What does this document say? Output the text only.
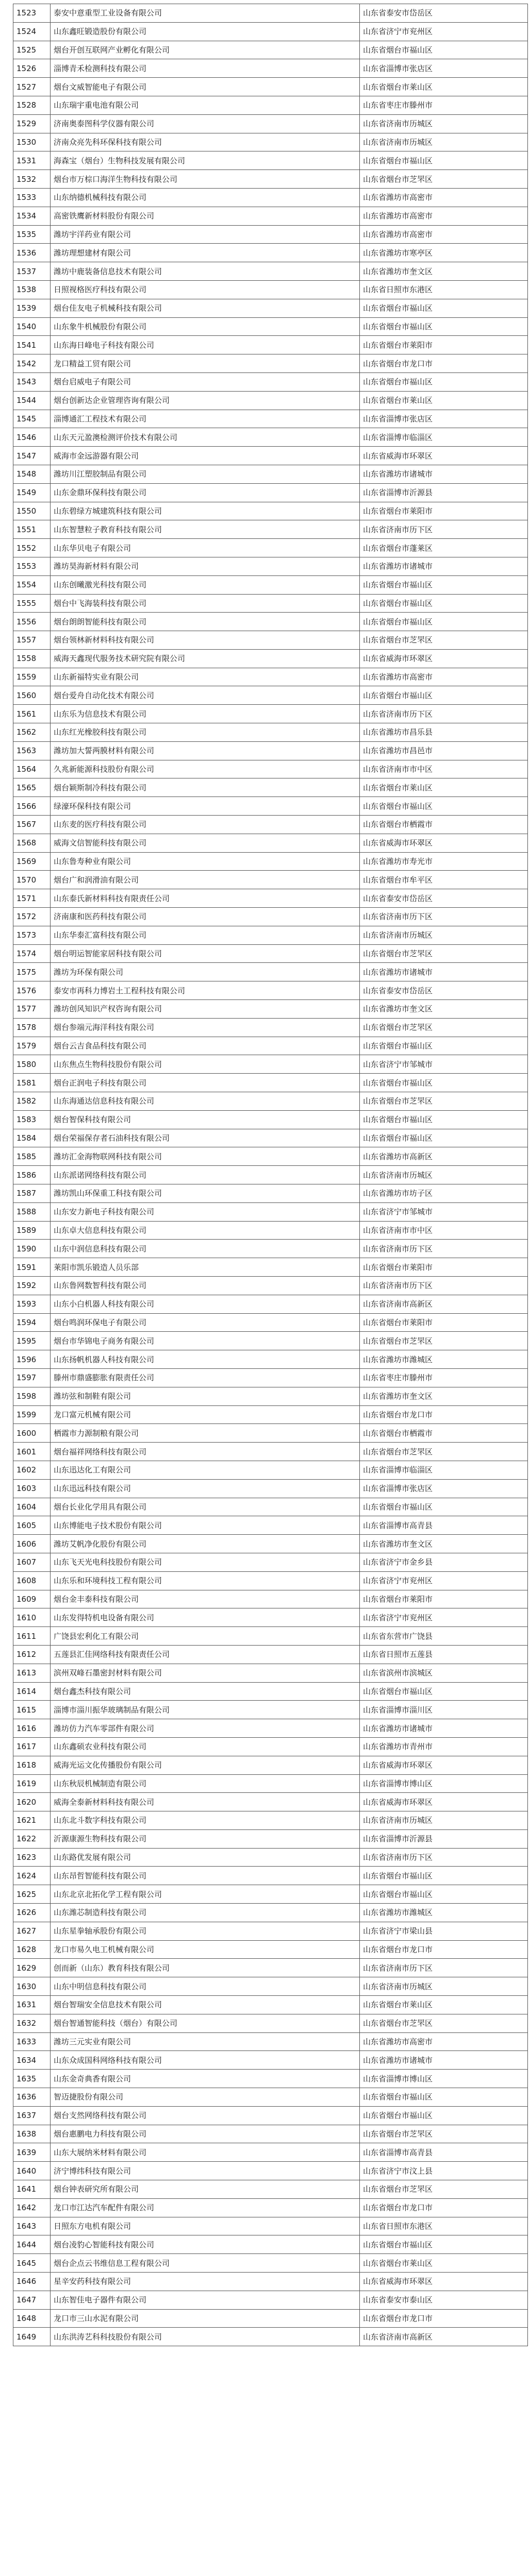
1523	泰安中意重型工业设备有限公司	山东省泰安市岱岳区
1524	山东鑫旺锻造股份有限公司	山东省济宁市兖州区
1525	烟台开创互联网产业孵化有限公司	山东省烟台市福山区
1526	淄博青禾检测科技有限公司	山东省淄博市张店区
1527	烟台文威智能电子有限公司	山东省烟台市莱山区
1528	山东瑞宇重电池有限公司	山东省枣庄市滕州市
1529	济南奥泰图科学仪器有限公司	山东省济南市历城区
1530	济南众亮先科环保科技有限公司	山东省济南市历城区
1531	海森宝（烟台）生物科技发展有限公司	山东省烟台市福山区
1532	烟台市万棕口海洋生物科技有限公司	山东省烟台市芝罘区
1533	山东纳德机械科技有限公司	山东省潍坊市高密市
1534	高密铁鹰新材料股份有限公司	山东省潍坊市高密市
1535	潍坊宇洋药业有限公司	山东省潍坊市高密市
1536	潍坊理想建材有限公司	山东省潍坊市寒亭区
1537	潍坊中鹿装备信息技术有限公司	山东省潍坊市奎文区
1538	日照视格医疗科技有限公司	山东省日照市东港区
1539	烟台佳友电子机械科技有限公司	山东省烟台市福山区
1540	山东象牛机械股份有限公司	山东省烟台市福山区
1541	山东海日峰电子科技有限公司	山东省烟台市莱阳市
1542	龙口精益工贸有限公司	山东省烟台市龙口市
1543	烟台启威电子有限公司	山东省烟台市福山区
1544	烟台创新达企业管理咨询有限公司	山东省烟台市莱山区
1545	淄博通汇工程技术有限公司	山东省淄博市张店区
1546	山东天元盈澳检测评价技术有限公司	山东省淄博市临淄区
1547	威海市金远游器有限公司	山东省威海市环翠区
1548	潍坊川江塑胶制品有限公司	山东省潍坊市诸城市
1549	山东金鼎环保科技有限公司	山东省淄博市沂源县
1550	山东碧绿方城建筑科技有限公司	山东省烟台市莱阳市
1551	山东智慧粒子教育科技有限公司	山东省济南市历下区
1552	山东华贝电子有限公司	山东省烟台市蓬莱区
1553	潍坊昊海新材料有限公司	山东省潍坊市诸城市
1554	山东创曦激光科技有限公司	山东省烟台市福山区
1555	烟台中飞海装科技有限公司	山东省烟台市福山区
1556	烟台朗朗智能科技有限公司	山东省烟台市福山区
1557	烟台领林新材料科技有限公司	山东省烟台市芝罘区
1558	威海天鑫现代服务技术研究院有限公司	山东省威海市环翠区
1559	山东新福特实业有限公司	山东省潍坊市高密市
1560	烟台爱舟自动化技术有限公司	山东省烟台市福山区
1561	山东乐为信息技术有限公司	山东省济南市历下区
1562	山东红光橡胶科技有限公司	山东省潍坊市昌乐县
1563	潍坊加大誓两膜材料有限公司	山东省潍坊市昌邑市
1564	久兆新能源科技股份有限公司	山东省济南市市中区
1565	烟台颖斯制冷科技有限公司	山东省烟台市莱山区
1566	绿濠环保科技有限公司	山东省烟台市福山区
1567	山东麦的医疗科技有限公司	山东省烟台市栖霞市
1568	威海文信智能科技有限公司	山东省威海市环翠区
1569	山东鲁寿种业有限公司	山东省潍坊市寿光市
1570	烟台广和润滑油有限公司	山东省烟台市牟平区
1571	山东泰氏新材料科技有限责任公司	山东省泰安市岱岳区
1572	济南康和医药科技有限公司	山东省济南市历下区
1573	山东华泰汇富科技有限公司	山东省济南市历城区
1574	烟台明运智能家居科技有限公司	山东省烟台市芝罘区
1575	潍坊为环保有限公司	山东省潍坊市诸城市
1576	泰安市再科力博岩土工程科技有限公司	山东省泰安市岱岳区
1577	潍坊创风知识产权咨询有限公司	山东省潍坊市奎文区
1578	烟台参端元海洋科技有限公司	山东省烟台市芝罘区
1579	烟台云吉食品科技有限公司	山东省烟台市福山区
1580	山东焦点生物科技股份有限公司	山东省济宁市邹城市
1581	烟台正润电子科技有限公司	山东省烟台市福山区
1582	山东海通达信息科技有限公司	山东省烟台市芝罘区
1583	烟台智保科技有限公司	山东省烟台市福山区
1584	烟台荣福保存者石油科技有限公司	山东省烟台市福山区
1585	潍坊汇金海物联网科技有限公司	山东省潍坊市高新区
1586	山东派诺网络科技有限公司	山东省济南市历城区
1587	潍坊凯山环保重工科技有限公司	山东省潍坊市坊子区
1588	山东安力新电子科技有限公司	山东省济宁市邹城市
1589	山东卓大信息科技有限公司	山东省济南市市中区
1590	山东中润信息科技有限公司	山东省济南市历下区
1591	莱阳市凯乐锻造人员乐部	山东省烟台市莱阳市
1592	山东鲁网数智科技有限公司	山东省济南市历下区
1593	山东小白机器人科技有限公司	山东省济南市高新区
1594	烟台鸣润环保电子有限公司	山东省烟台市莱阳市
1595	烟台市华锦电子商务有限公司	山东省烟台市芝罘区
1596	山东扬帆机器人科技有限公司	山东省潍坊市潍城区
1597	滕州市鼎盛膨胀有限责任公司	山东省枣庄市滕州市
1598	潍坊弦和制鞋有限公司	山东省潍坊市奎文区
1599	龙口富元机械有限公司	山东省烟台市龙口市
1600	栖霞市力源制粮有限公司	山东省烟台市栖霞市
1601	烟台福祥网络科技有限公司	山东省烟台市芝罘区
1602	山东迅达化工有限公司	山东省淄博市临淄区
1603	山东迅远科技有限公司	山东省淄博市张店区
1604	烟台长业化学用具有限公司	山东省烟台市福山区
1605	山东博能电子技术股份有限公司	山东省淄博市高青县
1606	潍坊艾帆净化股份有限公司	山东省潍坊市奎文区
1607	山东飞天光电科技股份有限公司	山东省济宁市金乡县
1608	山东乐和环境科技工程有限公司	山东省济宁市兖州区
1609	烟台金丰泰科技有限公司	山东省烟台市莱阳市
1610	山东发得特机电设备有限公司	山东省济宁市兖州区
1611	广饶县宏利化工有限公司	山东省东营市广饶县
1612	五莲县汇佳网络科技有限责任公司	山东省日照市五莲县
1613	滨州双峰石墨密封材料有限公司	山东省滨州市滨城区
1614	烟台鑫杰科技有限公司	山东省烟台市福山区
1615	淄博市淄川振华玻璃制品有限公司	山东省淄博市淄川区
1616	潍坊仿力汽车零部件有限公司	山东省潍坊市诸城市
1617	山东鑫硕农业科技有限公司	山东省潍坊市青州市
1618	威海光运文化传播股份有限公司	山东省威海市环翠区
1619	山东秋辰机械制造有限公司	山东省淄博市博山区
1620	威海全泰新材料科技有限公司	山东省威海市环翠区
1621	山东北斗数字科技有限公司	山东省济南市历城区
1622	沂源康源生物科技有限公司	山东省淄博市沂源县
1623	山东路优发展有限公司	山东省济南市历下区
1624	山东昂哲智能科技有限公司	山东省烟台市福山区
1625	山东北京北拓化学工程有限公司	山东省烟台市福山区
1626	山东潍芯制造科技有限公司	山东省潍坊市潍城区
1627	山东星拳轴承股份有限公司	山东省济宁市梁山县
1628	龙口市易久电工机械有限公司	山东省烟台市龙口市
1629	创而新（山东）教育科技有限公司	山东省济南市历下区
1630	山东中明信息科技有限公司	山东省济南市历城区
1631	烟台智瑞安全信息技术有限公司	山东省烟台市莱山区
1632	烟台智通智能科技（烟台）有限公司	山东省烟台市芝罘区
1633	潍坊三元实业有限公司	山东省潍坊市高密市
1634	山东众成国科网络科技有限公司	山东省潍坊市诸城市
1635	山东金奇典香有限公司	山东省淄博市博山区
1636	智迈捷股份有限公司	山东省烟台市福山区
1637	烟台支然网络科技有限公司	山东省烟台市福山区
1638	烟台惠鹏电力科技有限公司	山东省烟台市芝罘区
1639	山东大展纳米材料有限公司	山东省淄博市高青县
1640	济宁博纬科技有限公司	山东省济宁市汶上县
1641	烟台钟表研究所有限公司	山东省烟台市芝罘区
1642	龙口市江达汽车配件有限公司	山东省烟台市龙口市
1643	日照东方电机有限公司	山东省日照市东港区
1644	烟台凌豹心智能科技有限公司	山东省烟台市福山区
1645	烟台企点云书维信息工程有限公司	山东省烟台市莱山区
1646	星辛安药科技有限公司	山东省威海市环翠区
1647	山东智佳电子器件有限公司	山东省泰安市泰山区
1648	龙口市三山水泥有限公司	山东省烟台市龙口市
1649	山东洪涛艺科科技股份有限公司	山东省济南市高新区
